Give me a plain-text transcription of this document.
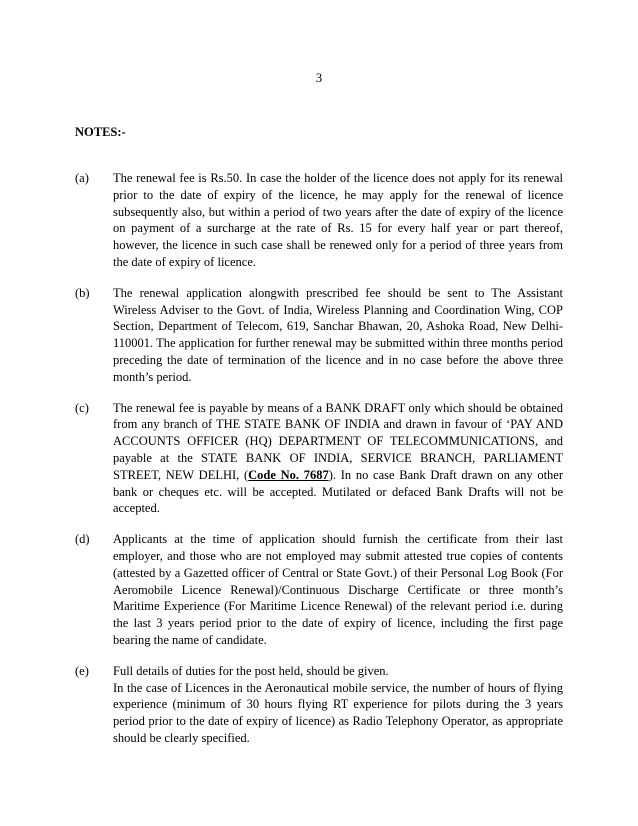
3
NOTES:-
(a) The renewal fee is Rs.50. In case the holder of the licence does not apply for its renewal prior to the date of expiry of the licence, he may apply for the renewal of licence subsequently also, but within a period of two years after the date of expiry of the licence on payment of a surcharge at the rate of Rs. 15 for every half year or part thereof, however, the licence in such case shall be renewed only for a period of three years from the date of expiry of licence.
(b) The renewal application alongwith prescribed fee should be sent to The Assistant Wireless Adviser to the Govt. of India, Wireless Planning and Coordination Wing, COP Section, Department of Telecom, 619, Sanchar Bhawan, 20, Ashoka Road, New Delhi-110001. The application for further renewal may be submitted within three months period preceding the date of termination of the licence and in no case before the above three month’s period.
(c) The renewal fee is payable by means of a BANK DRAFT only which should be obtained from any branch of THE STATE BANK OF INDIA and drawn in favour of ‘PAY AND ACCOUNTS OFFICER (HQ) DEPARTMENT OF TELECOMMUNICATIONS, and payable at the STATE BANK OF INDIA, SERVICE BRANCH, PARLIAMENT STREET, NEW DELHI, (Code No. 7687). In no case Bank Draft drawn on any other bank or cheques etc. will be accepted. Mutilated or defaced Bank Drafts will not be accepted.
(d) Applicants at the time of application should furnish the certificate from their last employer, and those who are not employed may submit attested true copies of contents (attested by a Gazetted officer of Central or State Govt.) of their Personal Log Book (For Aeromobile Licence Renewal)/Continuous Discharge Certificate or three month’s Maritime Experience (For Maritime Licence Renewal) of the relevant period i.e. during the last 3 years period prior to the date of expiry of licence, including the first page bearing the name of candidate.
(e) Full details of duties for the post held, should be given.

In the case of Licences in the Aeronautical mobile service, the number of hours of flying experience (minimum of 30 hours flying RT experience for pilots during the 3 years period prior to the date of expiry of licence) as Radio Telephony Operator, as appropriate should be clearly specified.
